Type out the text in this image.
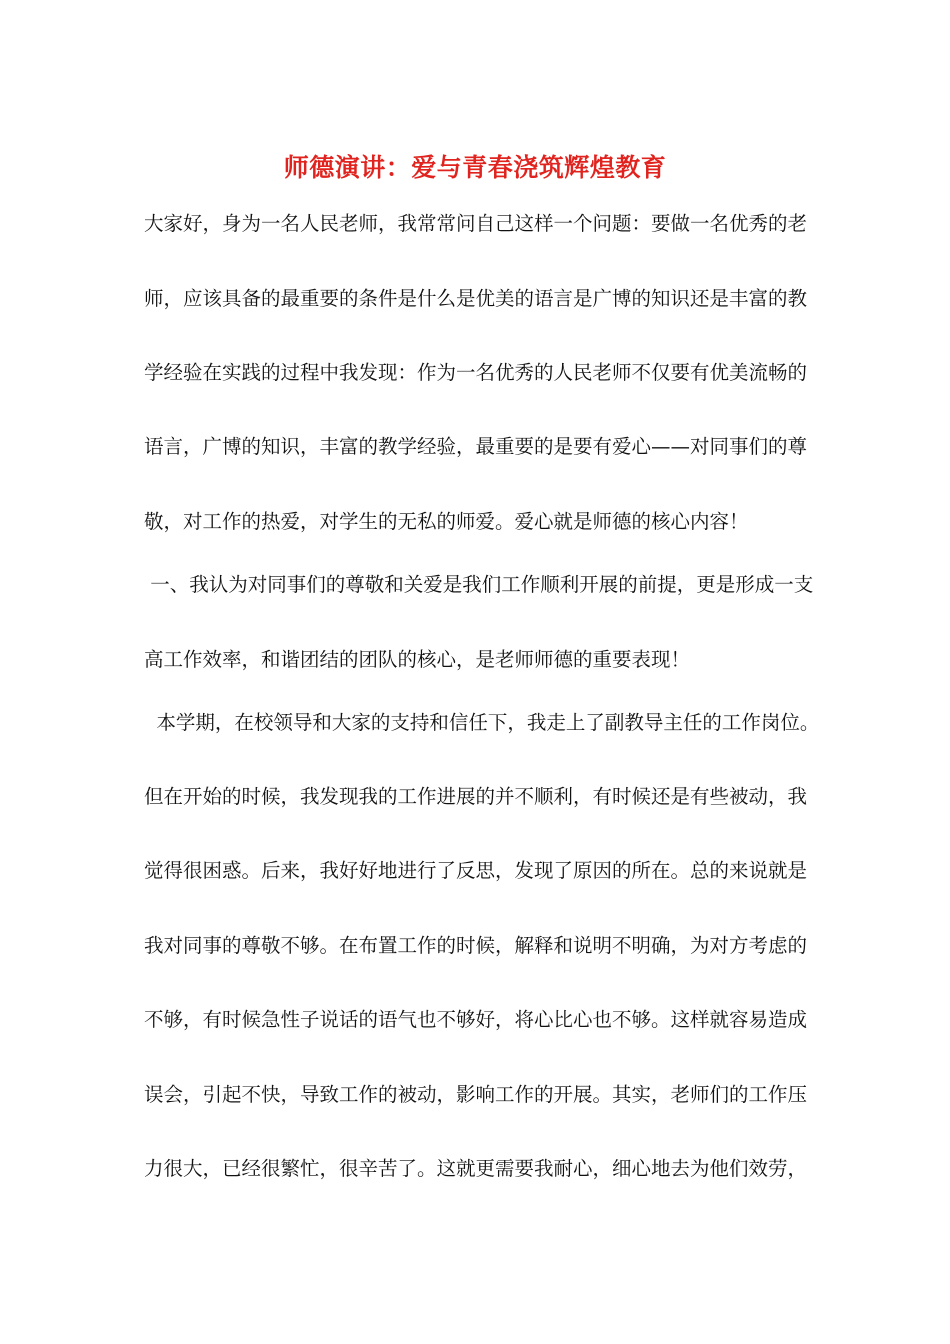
师德演讲：爱与青春浇筑辉煌教育
大家好，身为一名人民老师，我常常问自己这样一个问题：要做一名优秀的老
师，应该具备的最重要的条件是什么是优美的语言是广博的知识还是丰富的教
学经验在实践的过程中我发现：作为一名优秀的人民老师不仅要有优美流畅的
语言，广博的知识，丰富的教学经验，最重要的是要有爱心——对同事们的尊
敬，对工作的热爱，对学生的无私的师爱。爱心就是师德的核心内容！
一、我认为对同事们的尊敬和关爱是我们工作顺利开展的前提，更是形成一支
高工作效率，和谐团结的团队的核心，是老师师德的重要表现！
本学期，在校领导和大家的支持和信任下，我走上了副教导主任的工作岗位。
但在开始的时候，我发现我的工作进展的并不顺利，有时候还是有些被动，我
觉得很困惑。后来，我好好地进行了反思，发现了原因的所在。总的来说就是
我对同事的尊敬不够。在布置工作的时候，解释和说明不明确，为对方考虑的
不够，有时候急性子说话的语气也不够好，将心比心也不够。这样就容易造成
误会，引起不快，导致工作的被动，影响工作的开展。其实，老师们的工作压
力很大，已经很繁忙，很辛苦了。这就更需要我耐心，细心地去为他们效劳，
